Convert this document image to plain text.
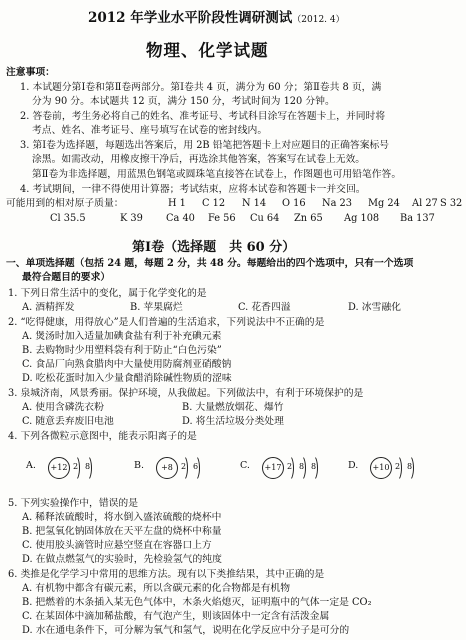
2012 年学业水平阶段性调研测试（2012. 4）
物理、化学试题
注意事项：
1. 本试题分第Ⅰ卷和第Ⅱ卷两部分。第Ⅰ卷共 4 页，满分为 60 分；第Ⅱ卷共 8 页，满
分为 90 分。本试题共 12 页，满分 150 分，考试时间为 120 分钟。
2. 答卷前，考生务必将自己的姓名、准考证号、考试科目涂写在答题卡上，并同时将
考点、姓名、准考证号、座号填写在试卷的密封线内。
3. 第Ⅰ卷为选择题，每题选出答案后，用 2B 铅笔把答题卡上对应题目的正确答案标号
涂黑。如需改动，用橡皮擦干净后，再选涂其他答案，答案写在试卷上无效。
第Ⅱ卷为非选择题，用蓝黑色钢笔或圆珠笔直接答在试卷上，作图题也可用铅笔作答。
4. 考试期间，一律不得使用计算器；考试结束，应将本试卷和答题卡一并交回。
可能用到的相对原子质量：	H 1 C 12 N 14 O 16 Na 23 Mg 24 Al 27 S 32
Cl 35.5	K 39 Ca 40 Fe 56 Cu 64 Zn 65 Ag 108 Ba 137
第Ⅰ卷（选择题　共 60 分）
一、单项选择题（包括 24 题，每题 2 分，共 48 分。每题给出的四个选项中，只有一个选项
最符合题目的要求）
1. 下列日常生活中的变化，属于化学变化的是
A. 酒精挥发	B. 苹果腐烂	C. 花香四溢	D. 冰雪融化
2. “吃得健康，用得放心”是人们普遍的生活追求，下列说法中不正确的是
A. 煲汤时加入适量加碘食盐有利于补充碘元素
B. 去购物时少用塑料袋有利于防止“白色污染”
C. 食品厂向熟食腊肉中大量使用防腐剂亚硝酸钠
D. 吃松花蛋时加入少量食醋消除碱性物质的涩味
3. 泉城济南，风景秀丽。保护环境，从我做起。下列做法中，有利于环境保护的是
A. 使用含磷洗衣粉	B. 大量燃放烟花、爆竹
C. 随意丢弃废旧电池	D. 将生活垃圾分类处理
4. 下列各微粒示意图中，能表示阳离子的是
A.	+12 2 8	B.	+8	2 6	C.	+17 2 8 8	D.	+10 2 8
5. 下列实验操作中，错误的是
A. 稀释浓硫酸时，将水倒入盛浓硫酸的烧杯中
B. 把氢氧化钠固体放在天平左盘的烧杯中称量
C. 使用胶头滴管时应悬空竖直在容器口上方
D. 在做点燃氢气的实验时，先检验氢气的纯度
6. 类推是化学学习中常用的思维方法。现有以下类推结果，其中正确的是
A. 有机物中都含有碳元素，所以含碳元素的化合物都是有机物
B. 把燃着的木条插入某无色气体中，木条火焰熄灭，证明瓶中的气体一定是 CO₂
C. 在某固体中滴加稀盐酸，有气泡产生，则该固体中一定含有活泼金属
D. 水在通电条件下，可分解为氧气和氢气，说明在化学反应中分子是可分的
